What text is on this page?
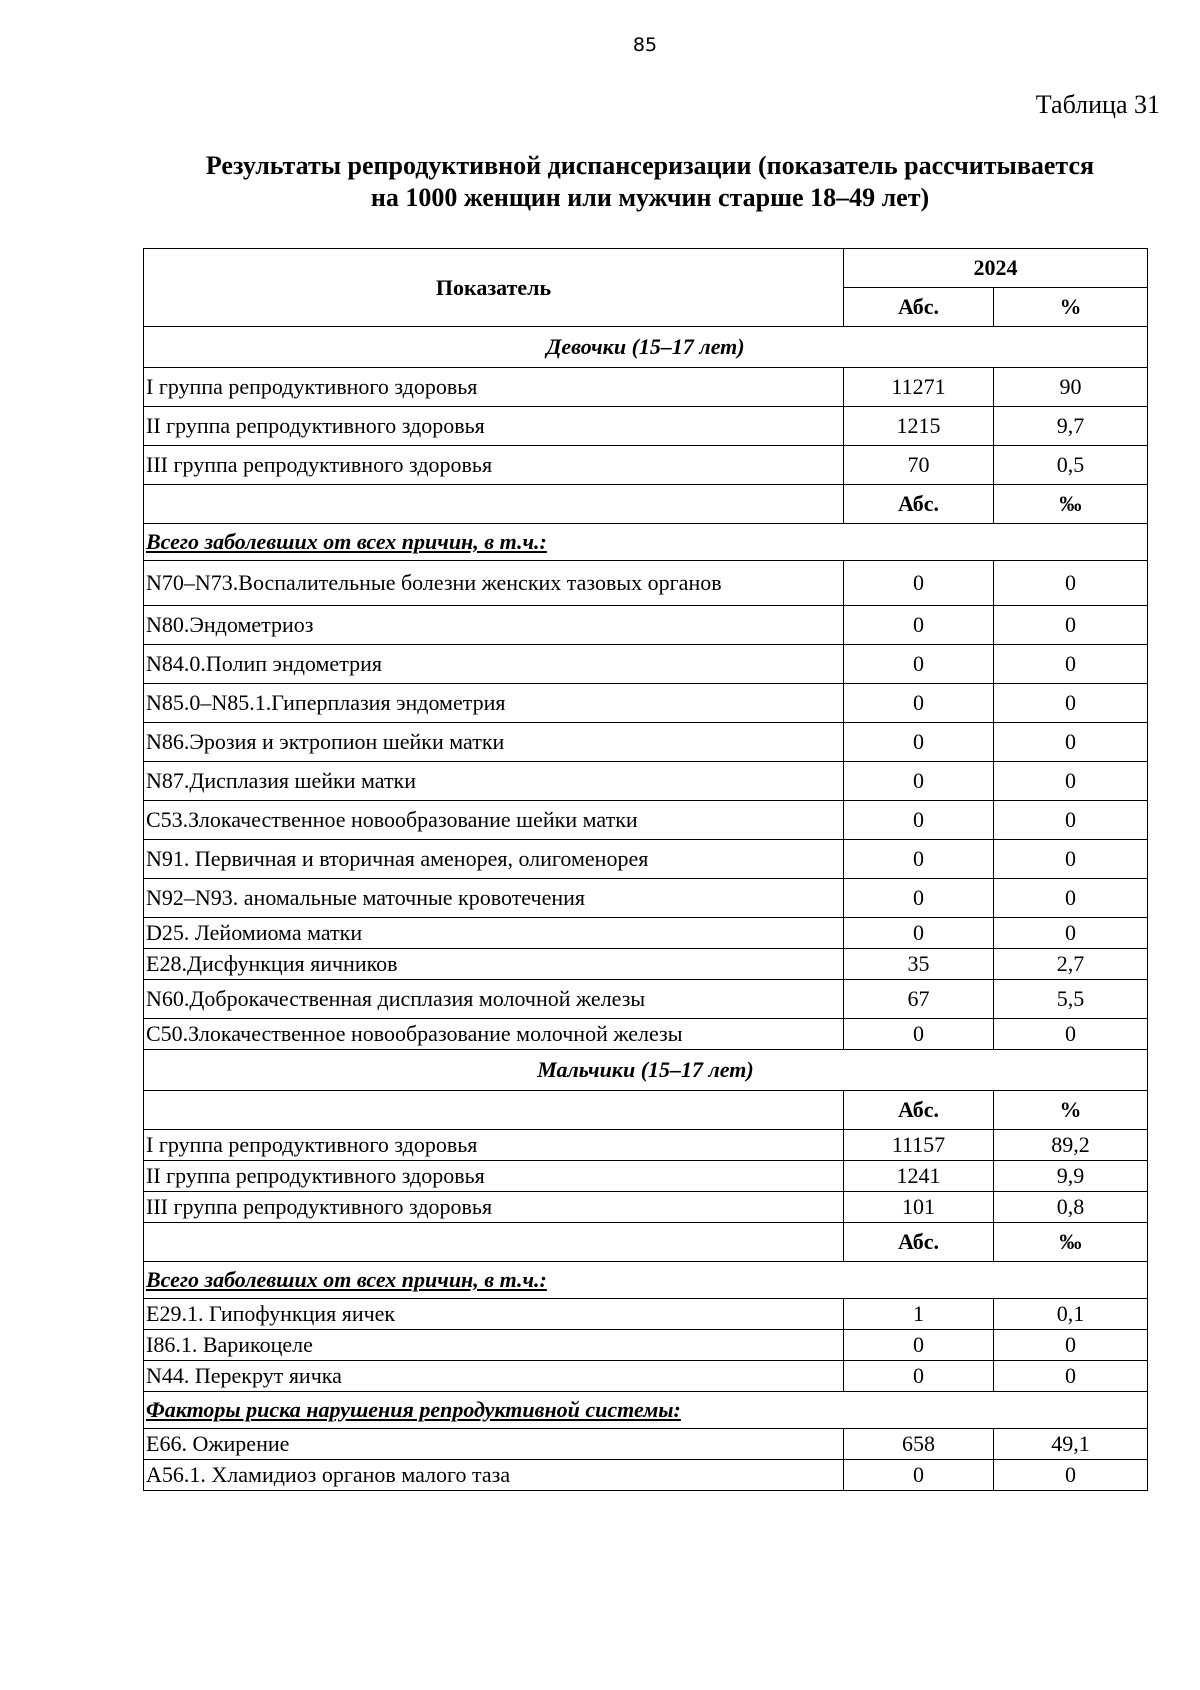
85
Таблица 31
Результаты репродуктивной диспансеризации (показатель рассчитывается
на 1000 женщин или мужчин старше 18–49 лет)
Показатель	2024	
	Абс.	%
Девочки (15–17 лет)		
I группа репродуктивного здоровья	11271	90
II группа репродуктивного здоровья	1215	9,7
III группа репродуктивного здоровья	70	0,5
	Абс.	‰
Всего заболевших от всех причин, в т.ч.:		
N70–N73.Воспалительные болезни женских тазовых органов	0	0
N80.Эндометриоз	0	0
N84.0.Полип эндометрия	0	0
N85.0–N85.1.Гиперплазия эндометрия	0	0
N86.Эрозия и эктропион шейки матки	0	0
N87.Дисплазия шейки матки	0	0
C53.Злокачественное новообразование шейки матки	0	0
N91. Первичная и вторичная аменорея, олигоменорея	0	0
N92–N93. аномальные маточные кровотечения	0	0
D25. Лейомиома матки	0	0
E28.Дисфункция яичников	35	2,7
N60.Доброкачественная дисплазия молочной железы	67	5,5
C50.Злокачественное новообразование молочной железы	0	0
Мальчики (15–17 лет)		
	Абс.	%
I группа репродуктивного здоровья	11157	89,2
II группа репродуктивного здоровья	1241	9,9
III группа репродуктивного здоровья	101	0,8
	Абс.	‰
Всего заболевших от всех причин, в т.ч.:		
E29.1. Гипофункция яичек	1	0,1
I86.1. Варикоцеле	0	0
N44. Перекрут яичка	0	0
Факторы риска нарушения репродуктивной системы:		
E66. Ожирение	658	49,1
A56.1. Хламидиоз органов малого таза	0	0
